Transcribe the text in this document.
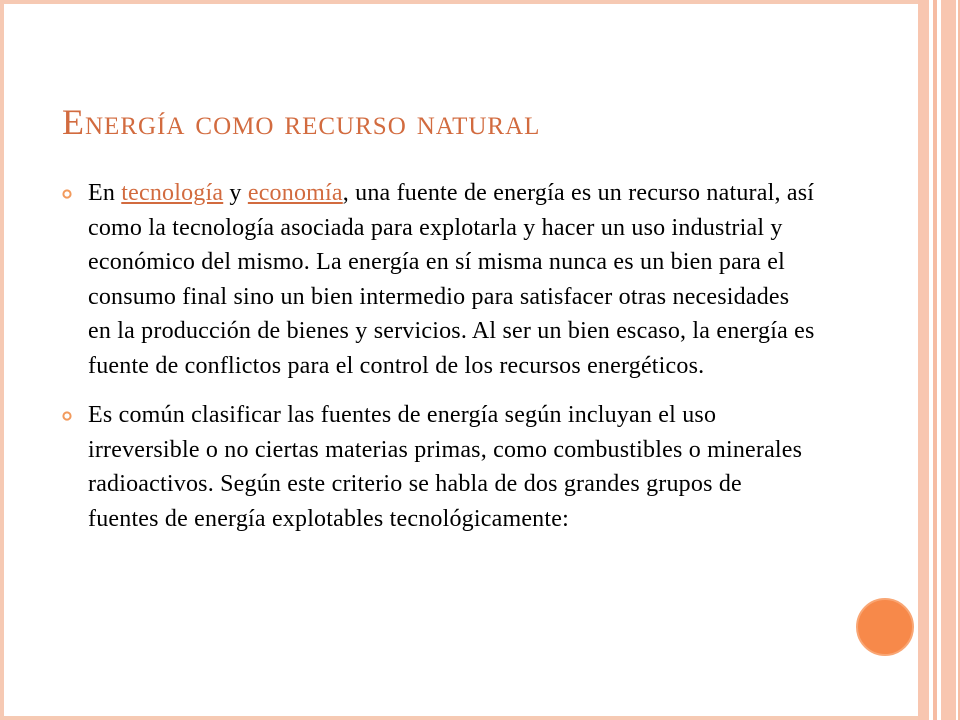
Energía como recurso natural
En tecnología y economía, una fuente de energía es un recurso natural, así como la tecnología asociada para explotarla y hacer un uso industrial y económico del mismo. La energía en sí misma nunca es un bien para el consumo final sino un bien intermedio para satisfacer otras necesidades en la producción de bienes y servicios. Al ser un bien escaso, la energía es fuente de conflictos para el control de los recursos energéticos.
Es común clasificar las fuentes de energía según incluyan el uso irreversible o no ciertas materias primas, como combustibles o minerales radioactivos. Según este criterio se habla de dos grandes grupos de fuentes de energía explotables tecnológicamente:
